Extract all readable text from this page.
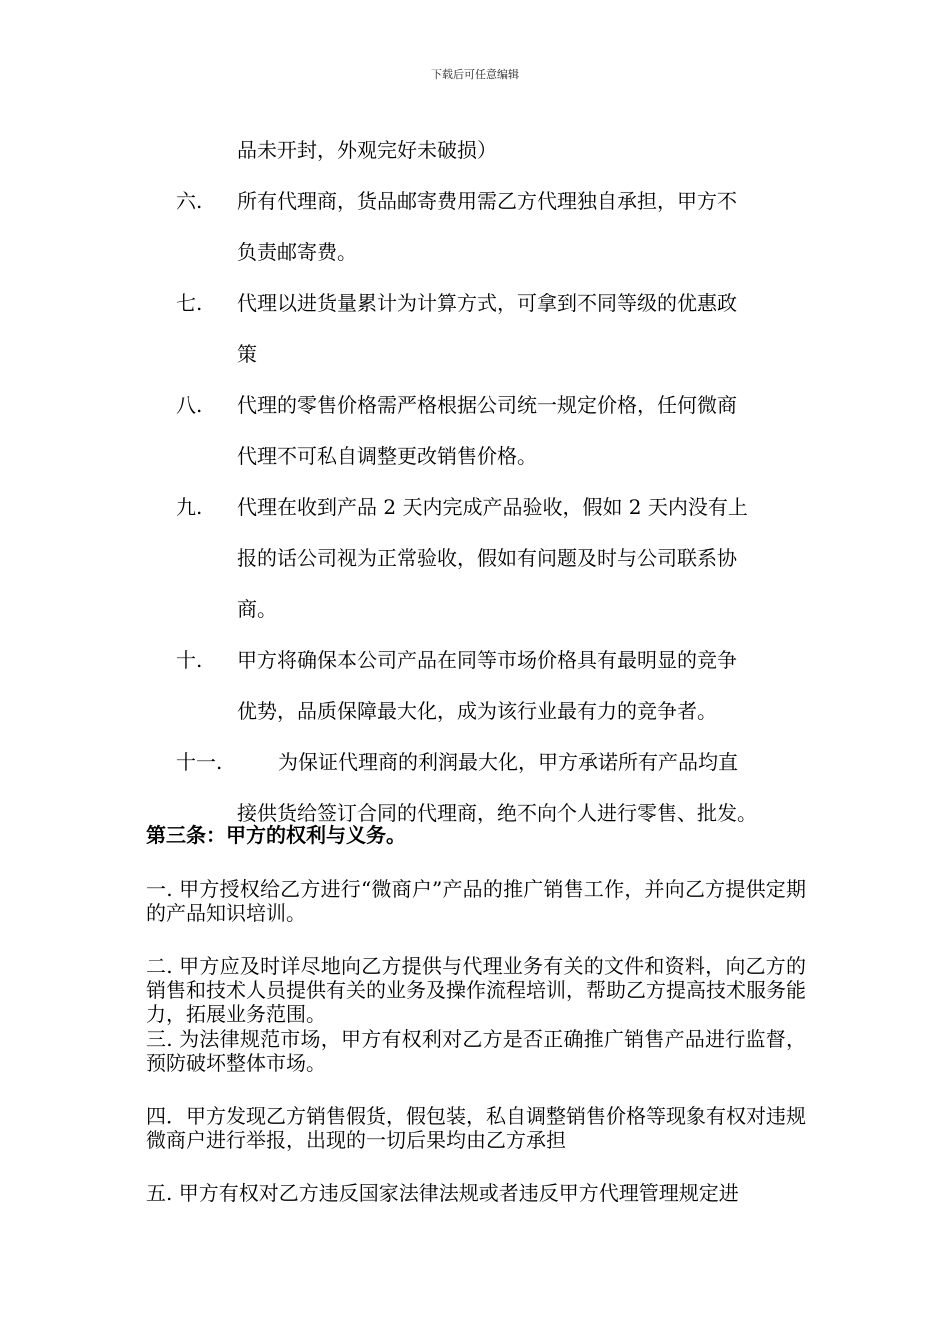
下载后可任意编辑
品未开封，外观完好未破损）
六. 所有代理商，货品邮寄费用需乙方代理独自承担，甲方不
负责邮寄费。
七. 代理以进货量累计为计算方式，可拿到不同等级的优惠政
策
八. 代理的零售价格需严格根据公司统一规定价格，任何微商
代理不可私自调整更改销售价格。
九. 代理在收到产品 2 天内完成产品验收，假如 2 天内没有上
报的话公司视为正常验收，假如有问题及时与公司联系协
商。
十. 甲方将确保本公司产品在同等市场价格具有最明显的竞争
优势，品质保障最大化，成为该行业最有力的竞争者。
十一.	为保证代理商的利润最大化，甲方承诺所有产品均直
接供货给签订合同的代理商，绝不向个人进行零售、批发。
第三条：甲方的权利与义务。
一. 甲方授权给乙方进行“微商户”产品的推广销售工作，并向乙方提供定期的产品知识培训。
二. 甲方应及时详尽地向乙方提供与代理业务有关的文件和资料，向乙方的销售和技术人员提供有关的业务及操作流程培训，帮助乙方提高技术服务能力，拓展业务范围。
三. 为法律规范市场，甲方有权利对乙方是否正确推广销售产品进行监督，预防破坏整体市场。
四．甲方发现乙方销售假货，假包装，私自调整销售价格等现象有权对违规微商户进行举报，出现的一切后果均由乙方承担
五. 甲方有权对乙方违反国家法律法规或者违反甲方代理管理规定进
